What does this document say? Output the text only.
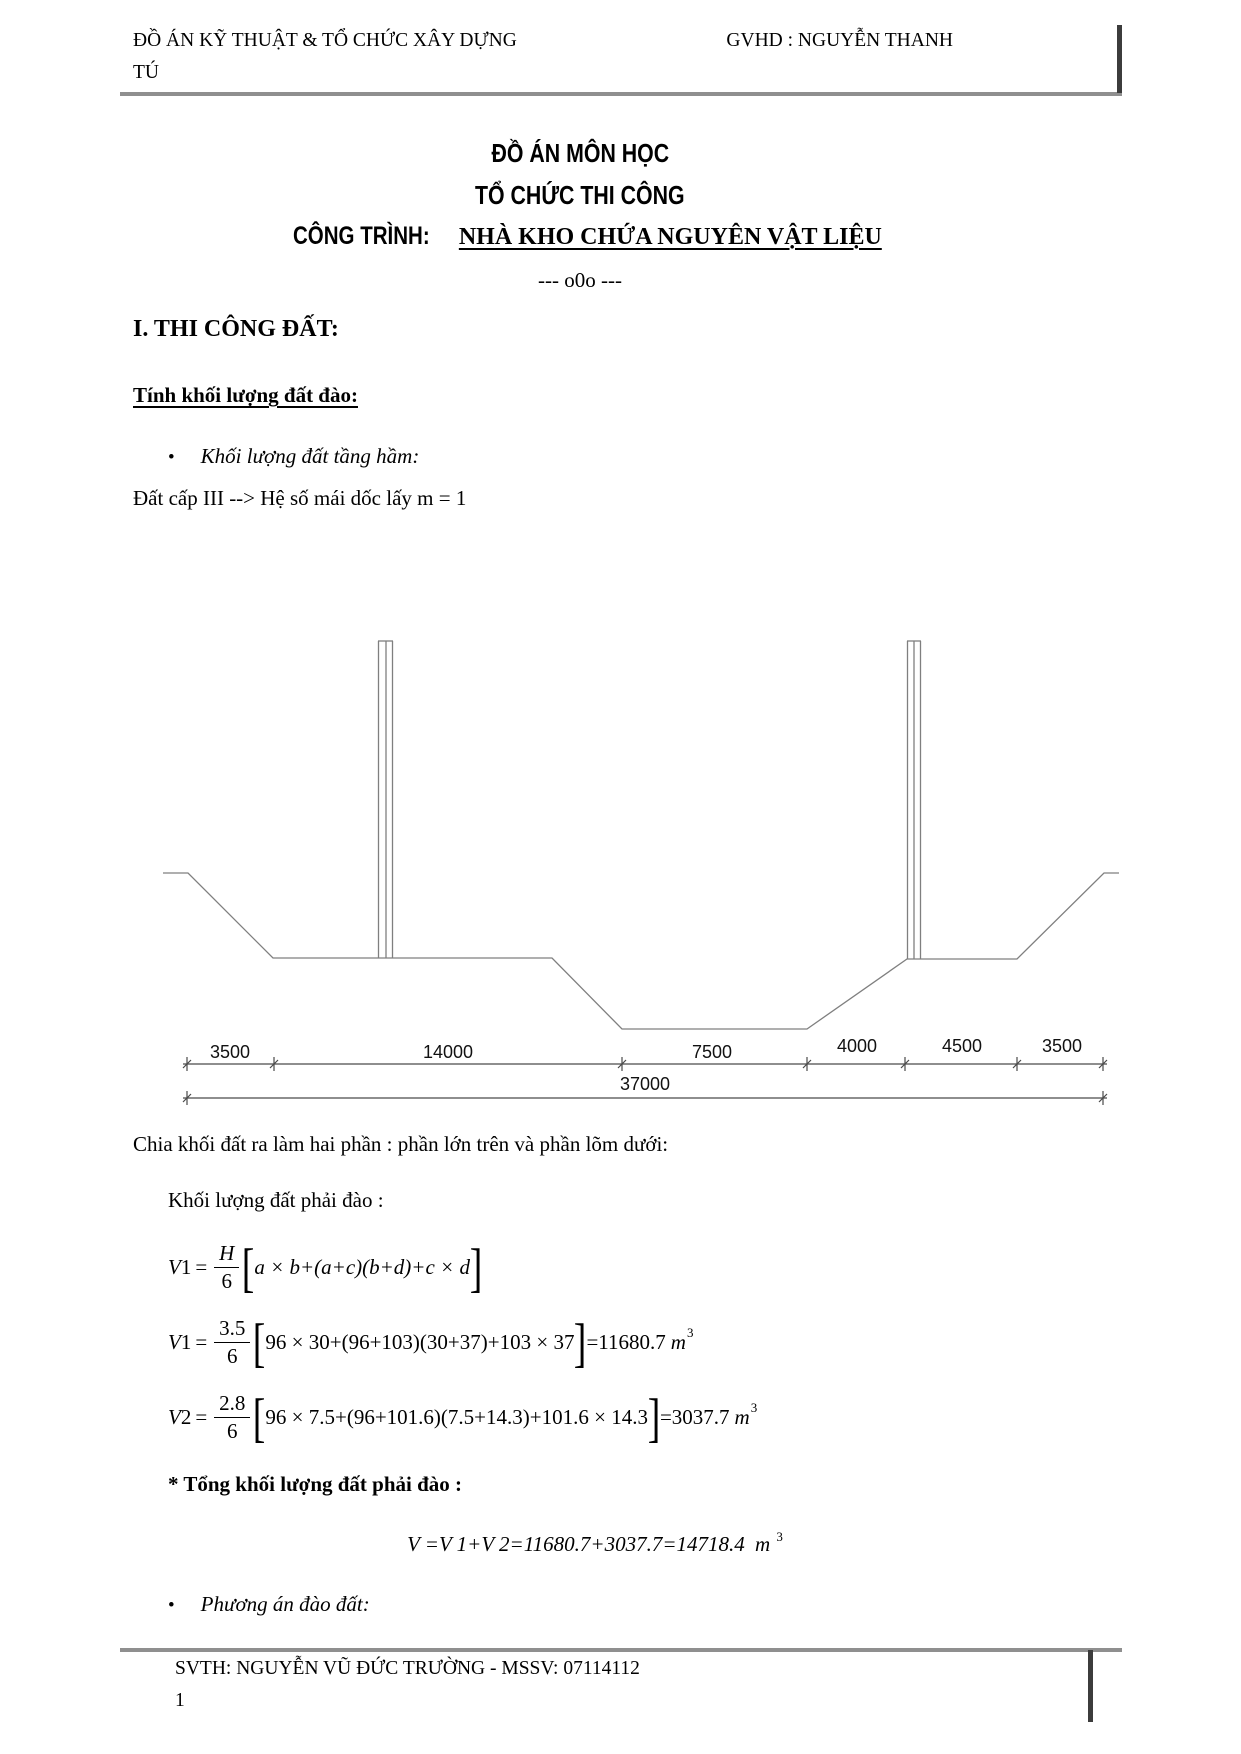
ĐỒ ÁN KỸ THUẬT & TỔ CHỨC XÂY DỰNG	GVHD : NGUYỄN THANH
TÚ
ĐỒ ÁN MÔN HỌC
TỔ CHỨC THI CÔNG
CÔNG TRÌNH: NHÀ KHO CHỨA NGUYÊN VẬT LIỆU
--- o0o ---
I. THI CÔNG ĐẤT:
Tính khối lượng đất đào:
• Khối lượng đất tầng hầm:
Đất cấp III --> Hệ số mái dốc lấy m = 1
3500	14000	7500	4000	4500	3500
37000
Chia khối đất ra làm hai phần : phần lớn trên và phần lõm dưới:
Khối lượng đất phải đào :
V $1 = \frac{H}{6}$ [ a × b+(a+c)(b+d)+c × d ]
V $1 = \frac{3.5}{6}$ [ 96 × 30+(96+103)(30+37)+103 × 37 ] =11680.7 m 3
V $2 = \frac{2.8}{6}$ [ 96 × 7.5+(96+101.6)(7.5+14.3)+101.6 × 14.3 ] =3037.7 m 3
* Tổng khối lượng đất phải đào :
V =V 1+V 2=11680.7+3037.7=14718.4 m $^3$
• Phương án đào đất:
SVTH: NGUYỄN VŨ ĐỨC TRƯỜNG - MSSV: 07114112
1
